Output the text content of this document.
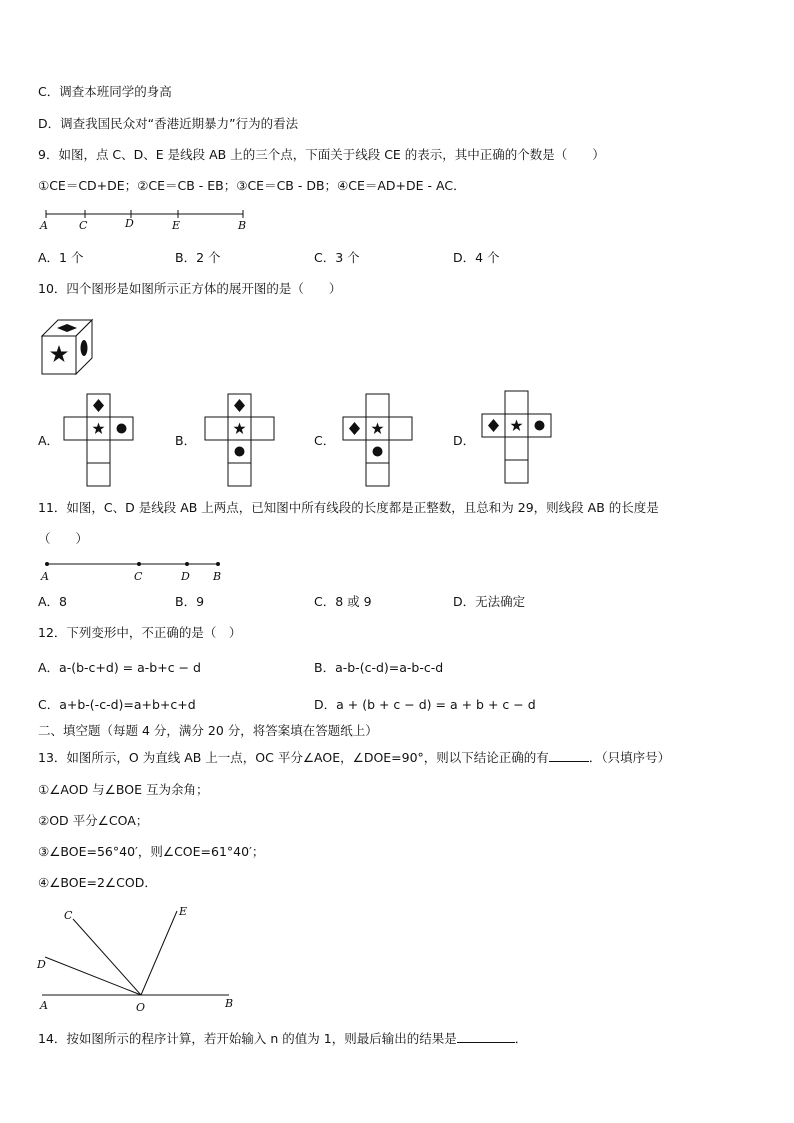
C．调查本班同学的身高
D．调查我国民众对“香港近期暴力”行为的看法
9．如图，点 C、D、E 是线段 AB 上的三个点，下面关于线段 CE 的表示，其中正确的个数是（　　）
①CE＝CD+DE；②CE＝CB - EB；③CE＝CB - DB；④CE＝AD+DE - AC．
A	C	D	E	B
A．1 个	B．2 个	C．3 个	D．4 个
10．四个图形是如图所示正方体的展开图的是（　　）
A．	B．	C．	D．
11．如图，C、D 是线段 AB 上两点，已知图中所有线段的长度都是正整数，且总和为 29，则线段 AB 的长度是
（　　）
A	C	D B
A．8	B．9	C．8 或 9	D．无法确定
12．下列变形中，不正确的是（　）
A．a-(b-c+d) = a-b+c − d	B．a-b-(c-d)=a-b-c-d
C．a+b-(-c-d)=a+b+c+d	D．a + (b + c − d) = a + b + c − d
二、填空题（每题 4 分，满分 20 分，将答案填在答题纸上）
13．如图所示，O 为直线 AB 上一点，OC 平分∠AOE，∠DOE=90°，则以下结论正确的有	．（只填序号）
①∠AOD 与∠BOE 互为余角；
②OD 平分∠COA；
③∠BOE=56°40′，则∠COE=61°40′；
④∠BOE=2∠COD．
C	E
D
A	O	B
14．按如图所示的程序计算，若开始输入 n 的值为 1，则最后输出的结果是	．
